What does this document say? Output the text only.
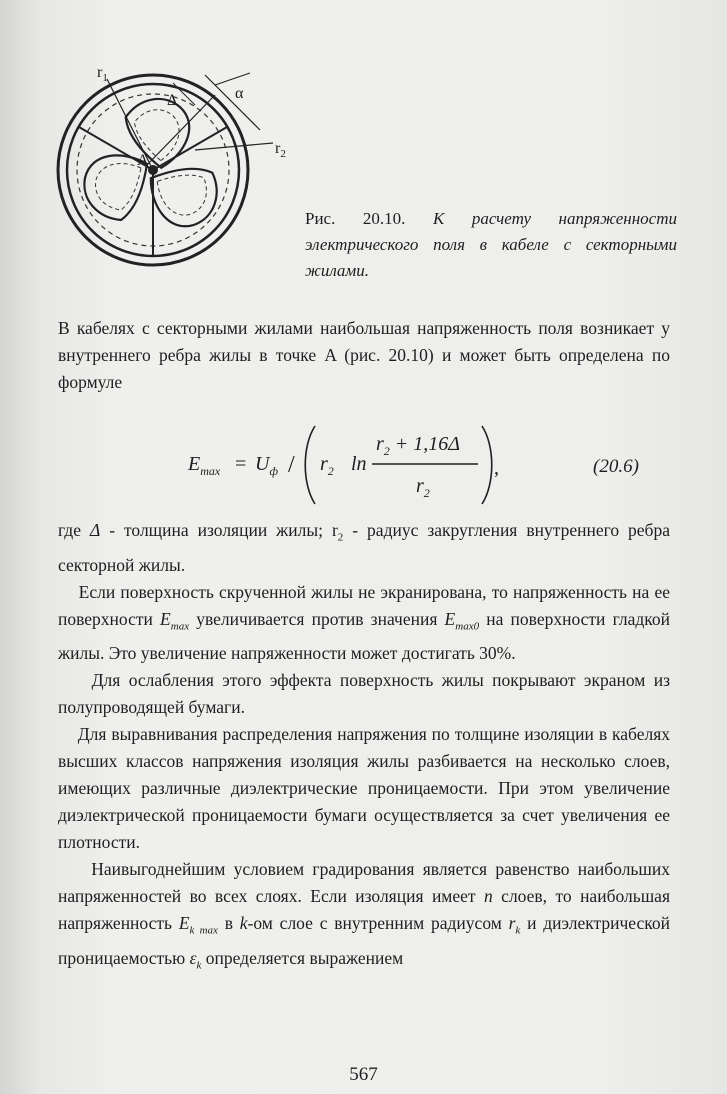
$r_1$
α
$r_2$
A
Δ
Рис. 20.10. К расчету напряженности электрического поля в кабеле с секторными жилами.

В кабелях с секторными жилами наибольшая напряженность поля возникает у внутреннего ребра жилы в точке A (рис. 20.10) и может быть определена по формуле

$E_{max} = U_ф / r_2$ ln
$r_2 + 1,16\Delta$
$r_2$
,	(20.6)

где Δ - толщина изоляции жилы; $r_2$ - радиус закругления внутреннего ребра секторной жилы.

Если поверхность скрученной жилы не экранирована, то напряженность на ее поверхности $E_{max}$ увеличивается против значения $E_{max0}$ на поверхности гладкой жилы. Это увеличение напряженности может достигать 30%.

Для ослабления этого эффекта поверхность жилы покрывают экраном из полупроводящей бумаги.

Для выравнивания распределения напряжения по толщине изоляции в кабелях высших классов напряжения изоляция жилы разбивается на несколько слоев, имеющих различные диэлектрические проницаемости. При этом увеличение диэлектрической проницаемости бумаги осуществляется за счет увеличения ее плотности.

Наивыгоднейшим условием градирования является равенство наибольших напряженностей во всех слоях. Если изоляция имеет n слоев, то наибольшая напряженность $E_{k max}$ в k-ом слое с внутренним радиусом $r_k$ и диэлектрической проницаемостью $\varepsilon_k$ определяется выражением

567
